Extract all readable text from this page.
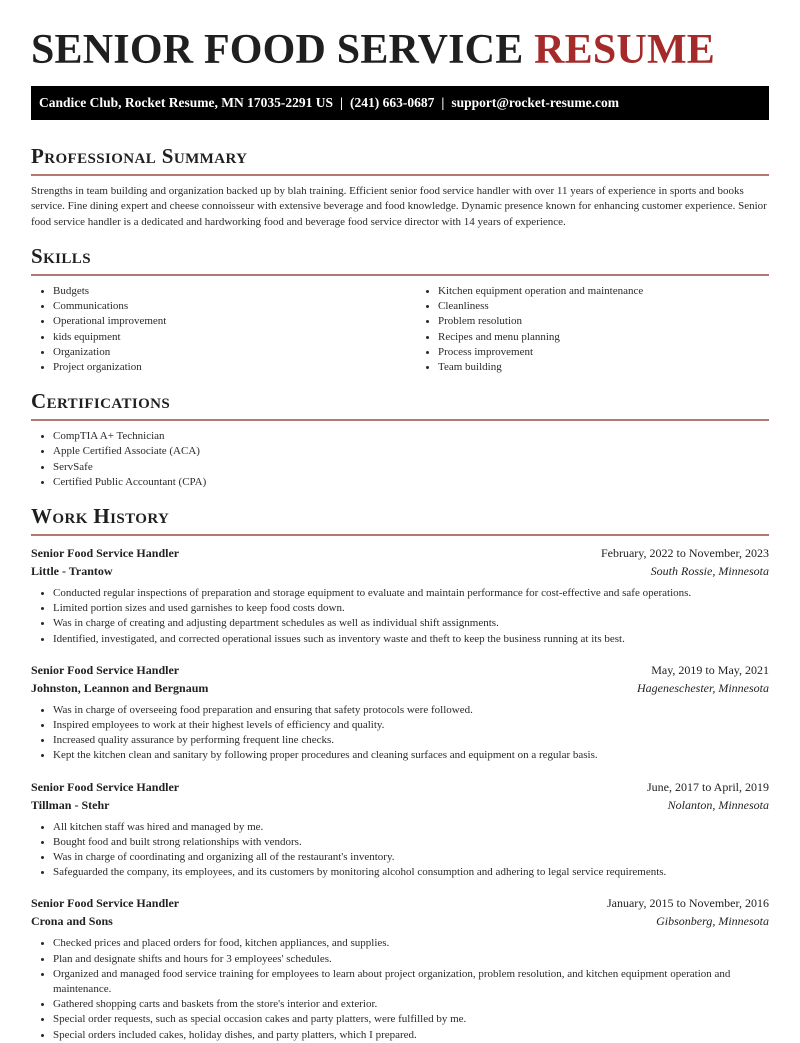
SENIOR FOOD SERVICE RESUME
Candice Club, Rocket Resume, MN 17035-2291 US | (241) 663-0687 | support@rocket-resume.com
Professional Summary

Strengths in team building and organization backed up by blah training. Efficient senior food service handler with over 11 years of experience in sports and books service. Fine dining expert and cheese connoisseur with extensive beverage and food knowledge. Dynamic presence known for enhancing customer experience. Senior food service handler is a dedicated and hardworking food and beverage food service director with 14 years of experience.

Skills
• Budgets
• Communications
• Operational improvement
• kids equipment
• Organization
• Project organization
• Kitchen equipment operation and maintenance
• Cleanliness
• Problem resolution
• Recipes and menu planning
• Process improvement
• Team building
Certifications
• CompTIA A+ Technician
• Apple Certified Associate (ACA)
• ServSafe
• Certified Public Accountant (CPA)
Work History
Senior Food Service Handler	February, 2022 to November, 2023
Little - Trantow	South Rossie, Minnesota
• Conducted regular inspections of preparation and storage equipment to evaluate and maintain performance for cost-effective and safe operations.
• Limited portion sizes and used garnishes to keep food costs down.
• Was in charge of creating and adjusting department schedules as well as individual shift assignments.
• Identified, investigated, and corrected operational issues such as inventory waste and theft to keep the business running at its best.
Senior Food Service Handler	May, 2019 to May, 2021
Johnston, Leannon and Bergnaum	Hageneschester, Minnesota
• Was in charge of overseeing food preparation and ensuring that safety protocols were followed.
• Inspired employees to work at their highest levels of efficiency and quality.
• Increased quality assurance by performing frequent line checks.
• Kept the kitchen clean and sanitary by following proper procedures and cleaning surfaces and equipment on a regular basis.
Senior Food Service Handler	June, 2017 to April, 2019
Tillman - Stehr	Nolanton, Minnesota
• All kitchen staff was hired and managed by me.
• Bought food and built strong relationships with vendors.
• Was in charge of coordinating and organizing all of the restaurant's inventory.
• Safeguarded the company, its employees, and its customers by monitoring alcohol consumption and adhering to legal service requirements.
Senior Food Service Handler	January, 2015 to November, 2016
Crona and Sons	Gibsonberg, Minnesota
• Checked prices and placed orders for food, kitchen appliances, and supplies.
• Plan and designate shifts and hours for 3 employees' schedules.
• Organized and managed food service training for employees to learn about project organization, problem resolution, and kitchen equipment operation and maintenance.
• Gathered shopping carts and baskets from the store's interior and exterior.
• Special order requests, such as special occasion cakes and party platters, were fulfilled by me.
• Special orders included cakes, holiday dishes, and party platters, which I prepared.
